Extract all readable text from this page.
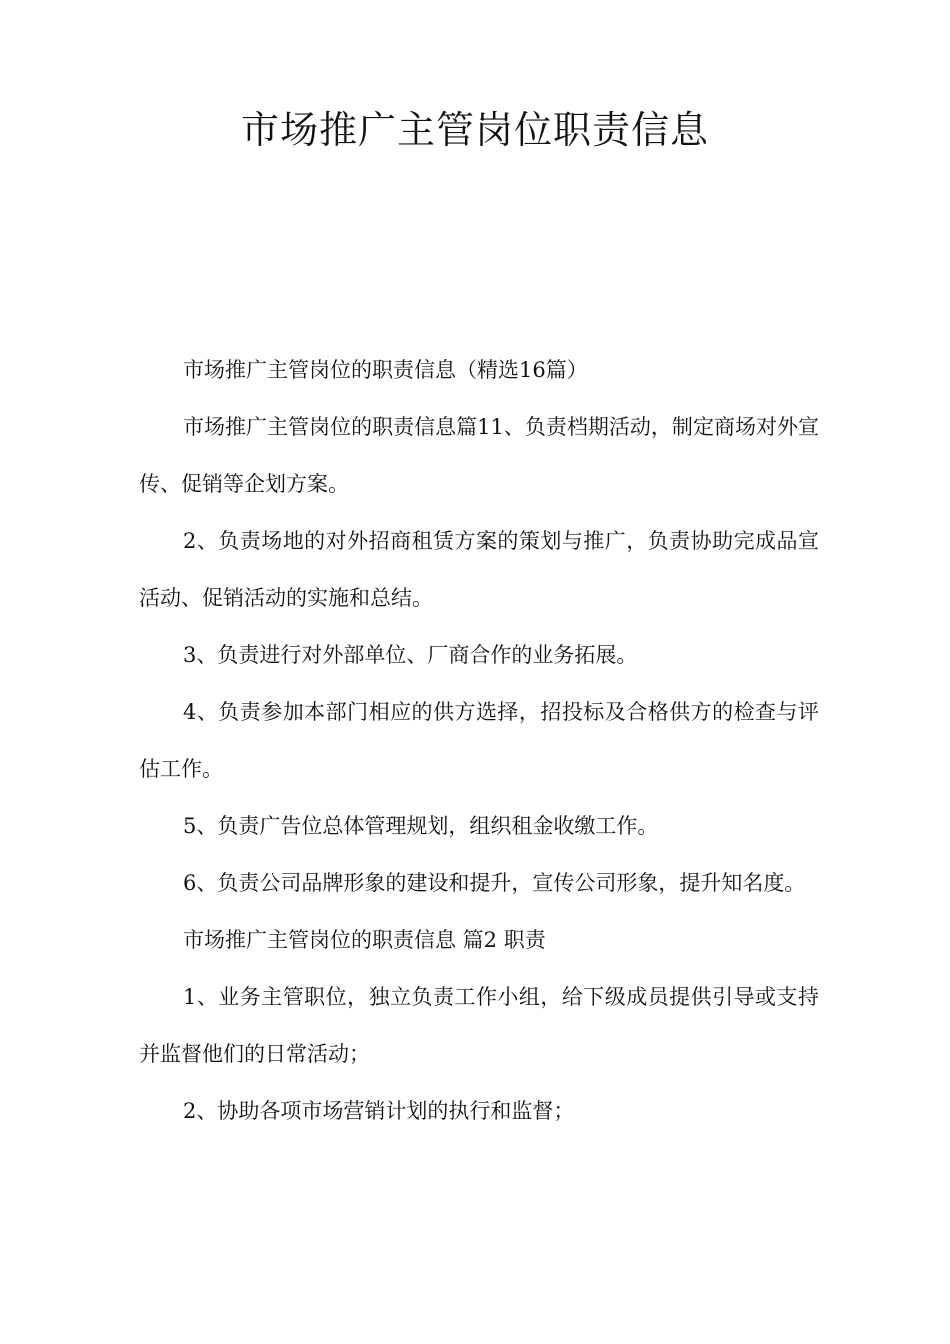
市场推广主管岗位职责信息

市场推广主管岗位的职责信息（精选16篇）

市场推广主管岗位的职责信息篇11、负责档期活动，制定商场对外宣传、促销等企划方案。

2、负责场地的对外招商租赁方案的策划与推广，负责协助完成品宣活动、促销活动的实施和总结。

3、负责进行对外部单位、厂商合作的业务拓展。

4、负责参加本部门相应的供方选择，招投标及合格供方的检查与评估工作。

5、负责广告位总体管理规划，组织租金收缴工作。

6、负责公司品牌形象的建设和提升，宣传公司形象，提升知名度。

市场推广主管岗位的职责信息 篇2 职责

1、业务主管职位，独立负责工作小组，给下级成员提供引导或支持并监督他们的日常活动；

2、协助各项市场营销计划的执行和监督；
